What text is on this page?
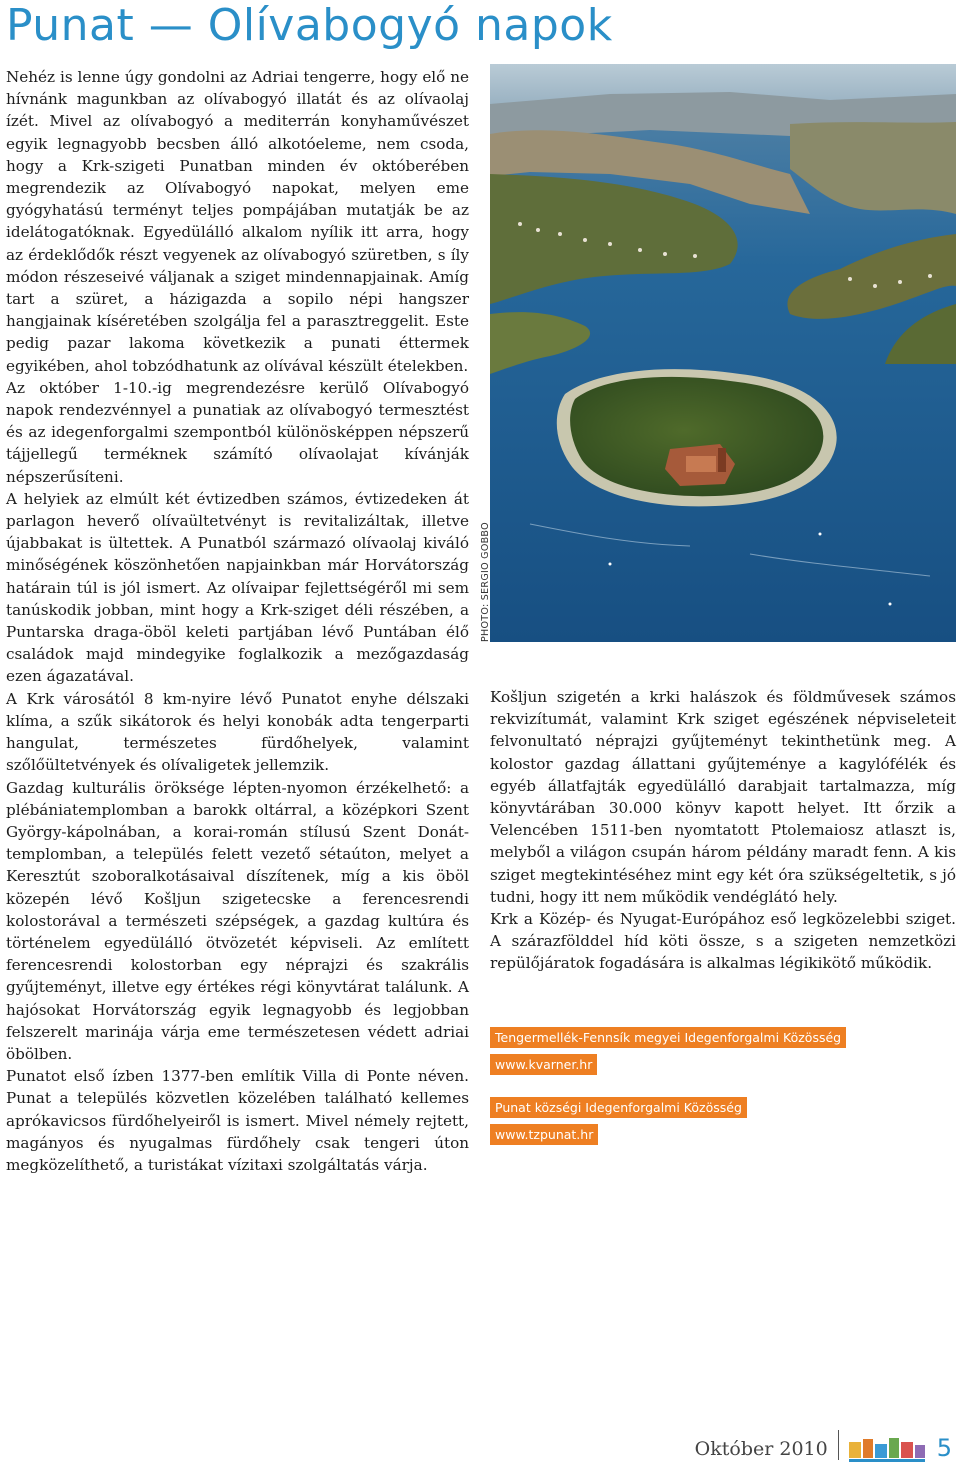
Punat — Olívabogyó napok

Nehéz is lenne úgy gondolni az Adriai tengerre, hogy elő ne hívnánk magunkban az olívabogyó illatát és az olívaolaj ízét. Mivel az olívabogyó a mediterrán konyhaművészet egyik legnagyobb becsben álló alkotóeleme, nem csoda, hogy a Krk-szigeti Punatban minden év októberében megrendezik az Olívabogyó napokat, melyen eme gyógyhatású terményt teljes pompájában mutatják be az idelátogatóknak. Egyedülálló alkalom nyílik itt arra, hogy az érdeklődők részt vegyenek az olívabogyó szüretben, s íly módon részeseivé váljanak a sziget mindennapjainak. Amíg tart a szüret, a házigazda a sopilo népi hangszer hangjainak kíséretében szolgálja fel a parasztreggelit. Este pedig pazar lakoma következik a punati éttermek egyikében, ahol tobzódhatunk az olívával készült ételekben.

Az október 1-10.-ig megrendezésre kerülő Olívabogyó napok rendezvénnyel a punatiak az olívabogyó termesztést és az idegenforgalmi szempontból különösképpen népszerű tájjellegű terméknek számító olívaolajat kívánják népszerűsíteni.

A helyiek az elmúlt két évtizedben számos, évtizedeken át parlagon heverő olívaültetvényt is revitalizáltak, illetve újabbakat is ültettek. A Punatból származó olívaolaj kiváló minőségének köszönhetően napjainkban már Horvátország határain túl is jól ismert. Az olívaipar fejlettségéről mi sem tanúskodik jobban, mint hogy a Krk-sziget déli részében, a Puntarska draga-öböl keleti partjában lévő Puntában élő családok majd mindegyike foglalkozik a mezőgazdaság ezen ágazatával.

A Krk városától 8 km-nyire lévő Punatot enyhe délszaki klíma, a szűk sikátorok és helyi konobák adta tengerparti hangulat, természetes fürdőhelyek, valamint szőlőültetvények és olívaligetek jellemzik.

Gazdag kulturális öröksége lépten-nyomon érzékelhető: a plébániatemplomban a barokk oltárral, a középkori Szent György-kápolnában, a korai-román stílusú Szent Donát-templomban, a település felett vezető sétaúton, melyet a Keresztút szoboralkotásaival díszítenek, míg a kis öböl közepén lévő Košljun szigetecske a ferencesrendi kolostorával a természeti szépségek, a gazdag kultúra és történelem egyedülálló ötvözetét képviseli. Az említett ferencesrendi kolostorban egy néprajzi és szakrális gyűjteményt, illetve egy értékes régi könyvtárat találunk. A hajósokat Horvátország egyik legnagyobb és legjobban felszerelt marinája várja eme természetesen védett adriai öbölben.

Punatot első ízben 1377-ben említik Villa di Ponte néven. Punat a település közvetlen közelében található kellemes aprókavicsos fürdőhelyeiről is ismert. Mivel némely rejtett, magányos és nyugalmas fürdőhely csak tengeri úton megközelíthető, a turistákat vízitaxi szolgáltatás várja.

PHOTO: SERGIO GOBBO

Košljun szigetén a krki halászok és földművesek számos rekvizítumát, valamint Krk sziget egészének népviseleteit felvonultató néprajzi gyűjteményt tekinthetünk meg. A kolostor gazdag állattani gyűjteménye a kagylófélék és egyéb állatfajták egyedülálló darabjait tartalmazza, míg könyvtárában 30.000 könyv kapott helyet. Itt őrzik a Velencében 1511-ben nyomtatott Ptolemaiosz atlaszt is, melyből a világon csupán három példány maradt fenn. A kis sziget megtekintéséhez mint egy két óra szükségeltetik, s jó tudni, hogy itt nem működik vendéglátó hely.

Krk a Közép- és Nyugat-Európához eső legközelebbi sziget. A szárazfölddel híd köti össze, s a szigeten nemzetközi repülőjáratok fogadására is alkalmas légikikötő működik.

Tengermellék-Fennsík megyei Idegenforgalmi Közösség
www.kvarner.hr
Punat községi Idegenforgalmi Közösség
www.tzpunat.hr
Október 2010	5
